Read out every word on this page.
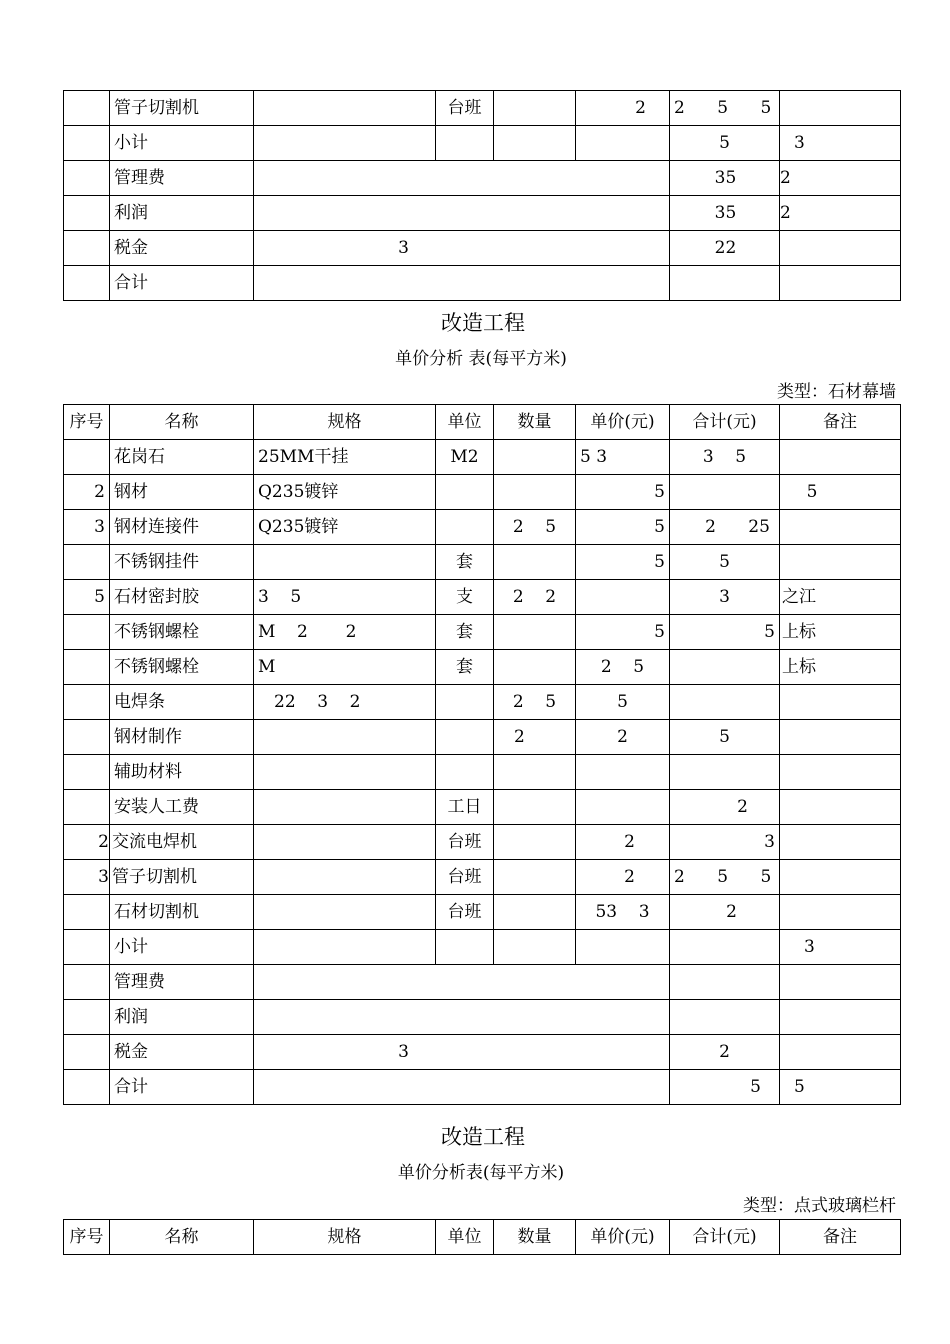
	管子切割机		台班		2	2      5      5	
	小计					5	3
	管理费					35	2
	利润					35	2
	税金	3				22	
	合计						
改造工程
单价分析 表(每平方米)
类型：石材幕墙
序号	名称	规格	单位	数量	单价(元)	合计(元)	备注
	花岗石	25MM干挂	M2		5 3	3    5	
2	钢材	Q235镀锌			5		5
3	钢材连接件	Q235镀锌		2    5	5	2      25	
	不锈钢挂件		套		5	5	
5	石材密封胶	3    5	支	2    2		3	之江
	不锈钢螺栓	M    2       2	套		5	5	上标
	不锈钢螺栓	M	套		2    5		上标
	电焊条	22    3    2		2    5	5		
	钢材制作			2	2	5	
	辅助材料						
	安装人工费		工日			2	
2	交流电焊机		台班		2	3	
3	管子切割机		台班		2	2      5      5	
	石材切割机		台班		53    3	2	
	小计						3
	管理费						
	利润						
	税金	3				2	
	合计					5	5
改造工程
单价分析表(每平方米)
类型：点式玻璃栏杆
序号	名称	规格	单位	数量	单价(元)	合计(元)	备注
